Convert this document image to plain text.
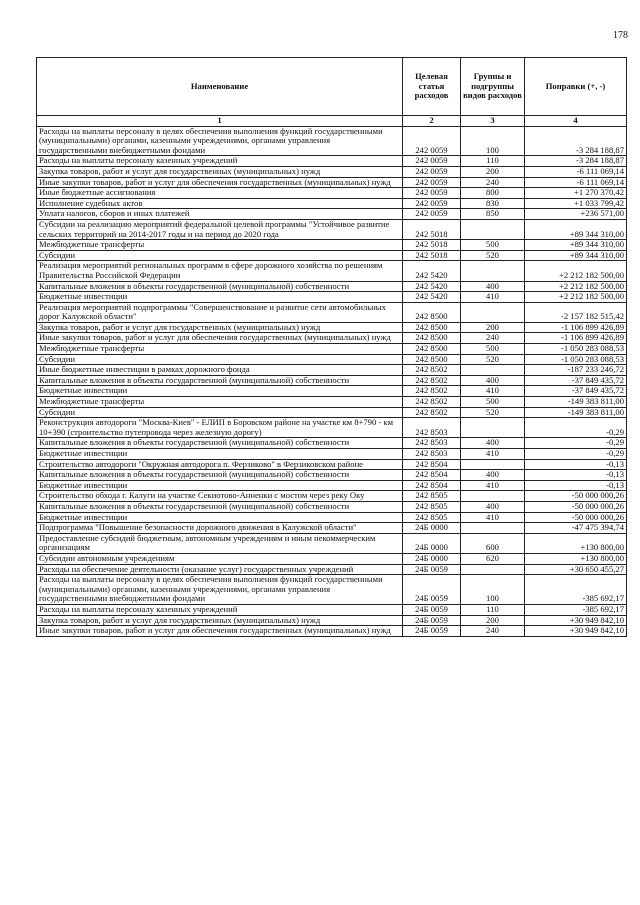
178
Наименование	Целевая статья расходов	Группы и подгруппы видов расходов	Поправки (+, -)
1	2	3	4
Расходы на выплаты персоналу в целях обеспечения выполнения функций государственными (муниципальными) органами, казенными учреждениями, органами управления государственными внебюджетными фондами	242 0059	100	-3 284 188,87
Расходы на выплаты персоналу казенных учреждений	242 0059	110	-3 284 188,87
Закупка товаров, работ и услуг для государственных (муниципальных) нужд	242 0059	200	-6 111 069,14
Иные закупки товаров, работ и услуг для обеспечения государственных (муниципальных) нужд	242 0059	240	-6 111 069,14
Иные бюджетные ассигнования	242 0059	800	+1 270 370,42
Исполнение судебных актов	242 0059	830	+1 033 799,42
Уплата налогов, сборов и иных платежей	242 0059	850	+236 571,00
Субсидии на реализацию мероприятий федеральной целевой программы "Устойчивое развитие сельских территорий на 2014-2017 годы и на период до 2020 года	242 5018		+89 344 310,00
Межбюджетные трансферты	242 5018	500	+89 344 310,00
Субсидии	242 5018	520	+89 344 310,00
Реализация мероприятий региональных программ в сфере дорожного хозяйства по решениям Правительства Российской Федерации	242 5420		+2 212 182 500,00
Капитальные вложения в объекты государственной (муниципальной) собственности	242 5420	400	+2 212 182 500,00
Бюджетные инвестиции	242 5420	410	+2 212 182 500,00
Реализация мероприятий подпрограммы "Совершенствование и развитие сети автомобильных дорог Калужской области"	242 8500		-2 157 182 515,42
Закупка товаров, работ и услуг для государственных (муниципальных) нужд	242 8500	200	-1 106 899 426,89
Иные закупки товаров, работ и услуг для обеспечения государственных (муниципальных) нужд	242 8500	240	-1 106 899 426,89
Межбюджетные трансферты	242 8500	500	-1 050 283 088,53
Субсидии	242 8500	520	-1 050 283 088,53
Иные бюджетные инвестиции в рамках дорожного фонда	242 8502		-187 233 246,72
Капитальные вложения в объекты государственной (муниципальной) собственности	242 8502	400	-37 849 435,72
Бюджетные инвестиции	242 8502	410	-37 849 435,72
Межбюджетные трансферты	242 8502	500	-149 383 811,00
Субсидии	242 8502	520	-149 383 811,00
Реконструкция автодороги "Москва-Киев" - ЕЛИП в Боровском районе на участке км 8+790 - км 10+390 (строительство путепровода через железную дорогу)	242 8503		-0,29
Капитальные вложения в объекты государственной (муниципальной) собственности	242 8503	400	-0,29
Бюджетные инвестиции	242 8503	410	-0,29
Строительство автодороги "Окружная автодорога п. Ферзиково" в Ферзиковском районе	242 8504		-0,13
Капитальные вложения в объекты государственной (муниципальной) собственности	242 8504	400	-0,13
Бюджетные инвестиции	242 8504	410	-0,13
Строительство обхода г. Калуги на участке Секиотово-Анненки с мостом через реку Оку	242 8505		-50 000 000,26
Капитальные вложения в объекты государственной (муниципальной) собственности	242 8505	400	-50 000 000,26
Бюджетные инвестиции	242 8505	410	-50 000 000,26
Подпрограмма "Повышение безопасности дорожного движения в Калужской области"	24Б 0000		-47 475 394,74
Предоставление субсидий бюджетным, автономным учреждениям и иным некоммерческим организациям	24Б 0000	600	+130 800,00
Субсидии автономным учреждениям	24Б 0000	620	+130 800,00
Расходы на обеспечение деятельности (оказание услуг) государственных учреждений	24Б 0059		+30 650 455,27
Расходы на выплаты персоналу в целях обеспечения выполнения функций государственными (муниципальными) органами, казенными учреждениями, органами управления государственными внебюджетными фондами	24Б 0059	100	-385 692,17
Расходы на выплаты персоналу казенных учреждений	24Б 0059	110	-385 692,17
Закупка товаров, работ и услуг для государственных (муниципальных) нужд	24Б 0059	200	+30 949 842,10
Иные закупки товаров, работ и услуг для обеспечения государственных (муниципальных) нужд	24Б 0059	240	+30 949 842,10
